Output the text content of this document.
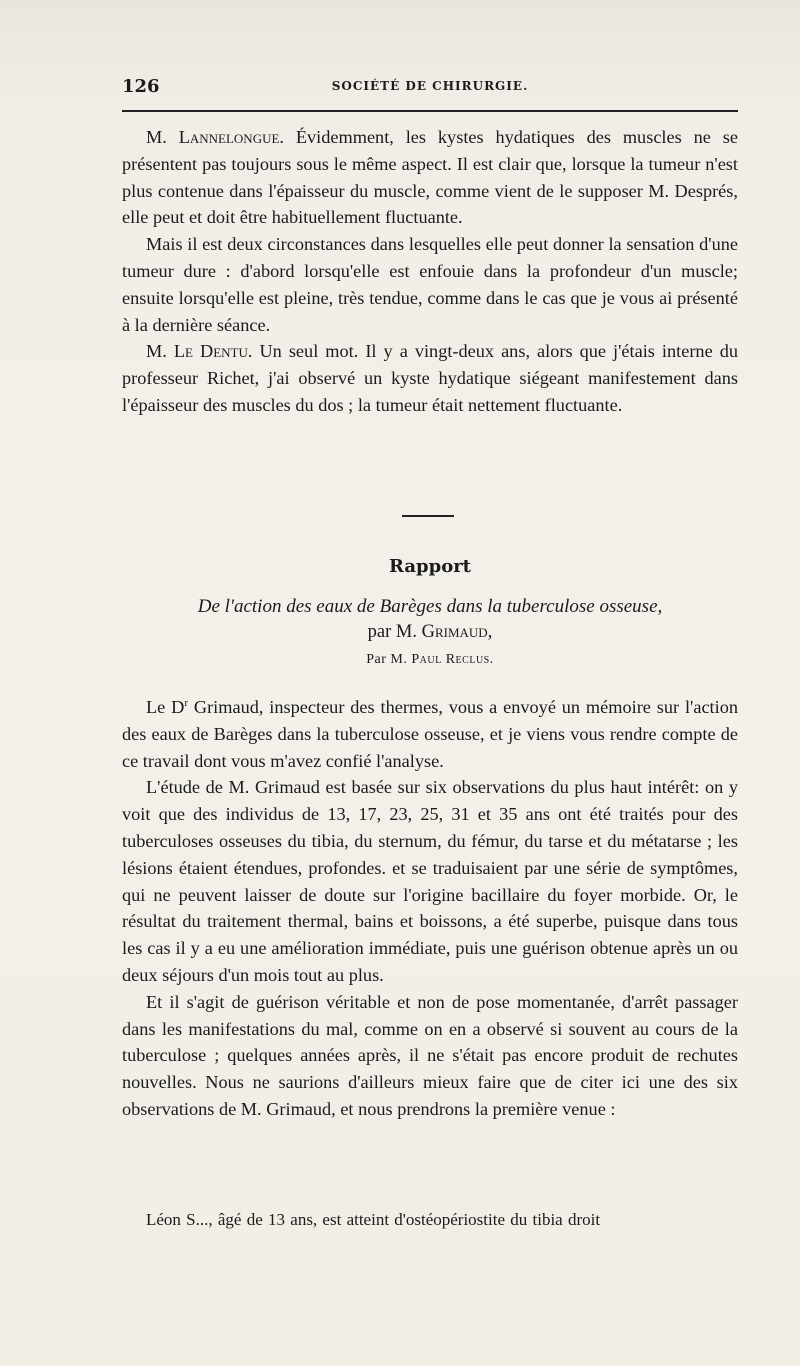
126	SOCIÉTÉ DE CHIRURGIE.

M. Lannelongue. Évidemment, les kystes hydatiques des muscles ne se présentent pas toujours sous le même aspect. Il est clair que, lorsque la tumeur n'est plus contenue dans l'épaisseur du muscle, comme vient de le supposer M. Després, elle peut et doit être habituellement fluctuante.

Mais il est deux circonstances dans lesquelles elle peut donner la sensation d'une tumeur dure : d'abord lorsqu'elle est enfouie dans la profondeur d'un muscle; ensuite lorsqu'elle est pleine, très tendue, comme dans le cas que je vous ai présenté à la dernière séance.

M. Le Dentu. Un seul mot. Il y a vingt-deux ans, alors que j'étais interne du professeur Richet, j'ai observé un kyste hydatique siégeant manifestement dans l'épaisseur des muscles du dos ; la tumeur était nettement fluctuante.

Rapport
De l'action des eaux de Barèges dans la tuberculose osseuse,
par M. Grimaud,
Par M. Paul Reclus.

Le $D^r$ Grimaud, inspecteur des thermes, vous a envoyé un mémoire sur l'action des eaux de Barèges dans la tuberculose osseuse, et je viens vous rendre compte de ce travail dont vous m'avez confié l'analyse.

L'étude de M. Grimaud est basée sur six observations du plus haut intérêt: on y voit que des individus de 13, 17, 23, 25, 31 et 35 ans ont été traités pour des tuberculoses osseuses du tibia, du sternum, du fémur, du tarse et du métatarse ; les lésions étaient étendues, profondes. et se traduisaient par une série de symptômes, qui ne peuvent laisser de doute sur l'origine bacillaire du foyer morbide. Or, le résultat du traitement thermal, bains et boissons, a été superbe, puisque dans tous les cas il y a eu une amélioration immédiate, puis une guérison obtenue après un ou deux séjours d'un mois tout au plus.

Et il s'agit de guérison véritable et non de pose momentanée, d'arrêt passager dans les manifestations du mal, comme on en a observé si souvent au cours de la tuberculose ; quelques années après, il ne s'était pas encore produit de rechutes nouvelles. Nous ne saurions d'ailleurs mieux faire que de citer ici une des six observations de M. Grimaud, et nous prendrons la première venue :

Léon S..., âgé de 13 ans, est atteint d'ostéopériostite du tibia droit
